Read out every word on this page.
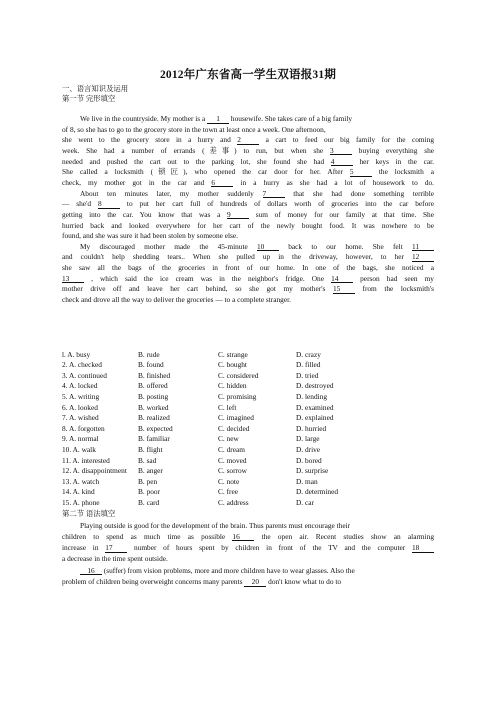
2012年广东省高一学生双语报31期
一、语言知识及运用
第一节 完形填空
We live in the countryside. My mother is a 1 housewife. She takes care of a big family
of 8, so she has to go to the grocery store in the town at least once a week. One afternoon,
she went to the grocery store in a hurry and 2 a cart to feed our big family for the coming
week. She had a number of errands (差事) to run, but when she 3 buying everything she
needed and pushed the cart out to the parking lot, she found she had 4 her keys in the car.
She called a locksmith (锁匠), who opened the car door for her. After 5 the locksmith a
check, my mother got in the car and 6 in a hurry as she had a lot of housework to do.
About ten minutes later, my mother suddenly 7 that she had done something terrible
— she'd 8 to put her cart full of hundreds of dollars worth of groceries into the car before
getting into the car. You know that was a 9 sum of money for our family at that time. She
hurried back and looked everywhere for her cart of the newly bought food. It was nowhere to be
found, and she was sure it had been stolen by someone else.
My discouraged mother made the 45-minute 10 back to our home. She felt 11
and couldn't help shedding tears.. When she pulled up in the driveway, however, to her 12
she saw all the bags of the groceries in front of our home. In one of the bags, she noticed a
13 , which said the ice cream was in the neighbor's fridge. One 14 person had seen my
mother drive off and leave her cart behind, so she got my mother's 15 from the locksmith's
check and drove all the way to deliver the groceries — to a complete stranger.
l. A. busy	B. rude	C. strange	D. crazy
2. A. checked	B. found	C. bought	D. filled
3. A. continued	B. finished	C. considered	D. tried
4. A. locked	B. offered	C. hidden	D. destroyed
5. A. writing	B. posting	C. promising	D. lending
6. A. looked	B. worked	C. left	D. examined
7. A. wished	B. realized	C. imagined	D. explained
8. A. forgotten	B. expected	C. decided	D. hurried
9. A. normal	B. familiar	C. new	D. large
10. A. walk	B. flight	C. dream	D. drive
11. A. interested	B. sad	C. moved	D. bored
12. A. disappointment B. anger	C. sorrow	D. surprise
13. A. watch	B. pen	C. note	D. man
14. A. kind	B. poor	C. free	D. determined
15. A. phone	B. card	C. address	D. car
第二节 语法填空
Playing outside is good for the development of the brain. Thus parents must encourage their
children to spend as much time as possible 16 the open air. Recent studies show an alarming
increase in 17 number of hours spent by children in front of the TV and the computer 18
a decrease in the time spent outside.
16 (suffer) from vision problems, more and more children have to wear glasses. Also the
problem of children being overweight concerns many parents 20 don't know what to do to
